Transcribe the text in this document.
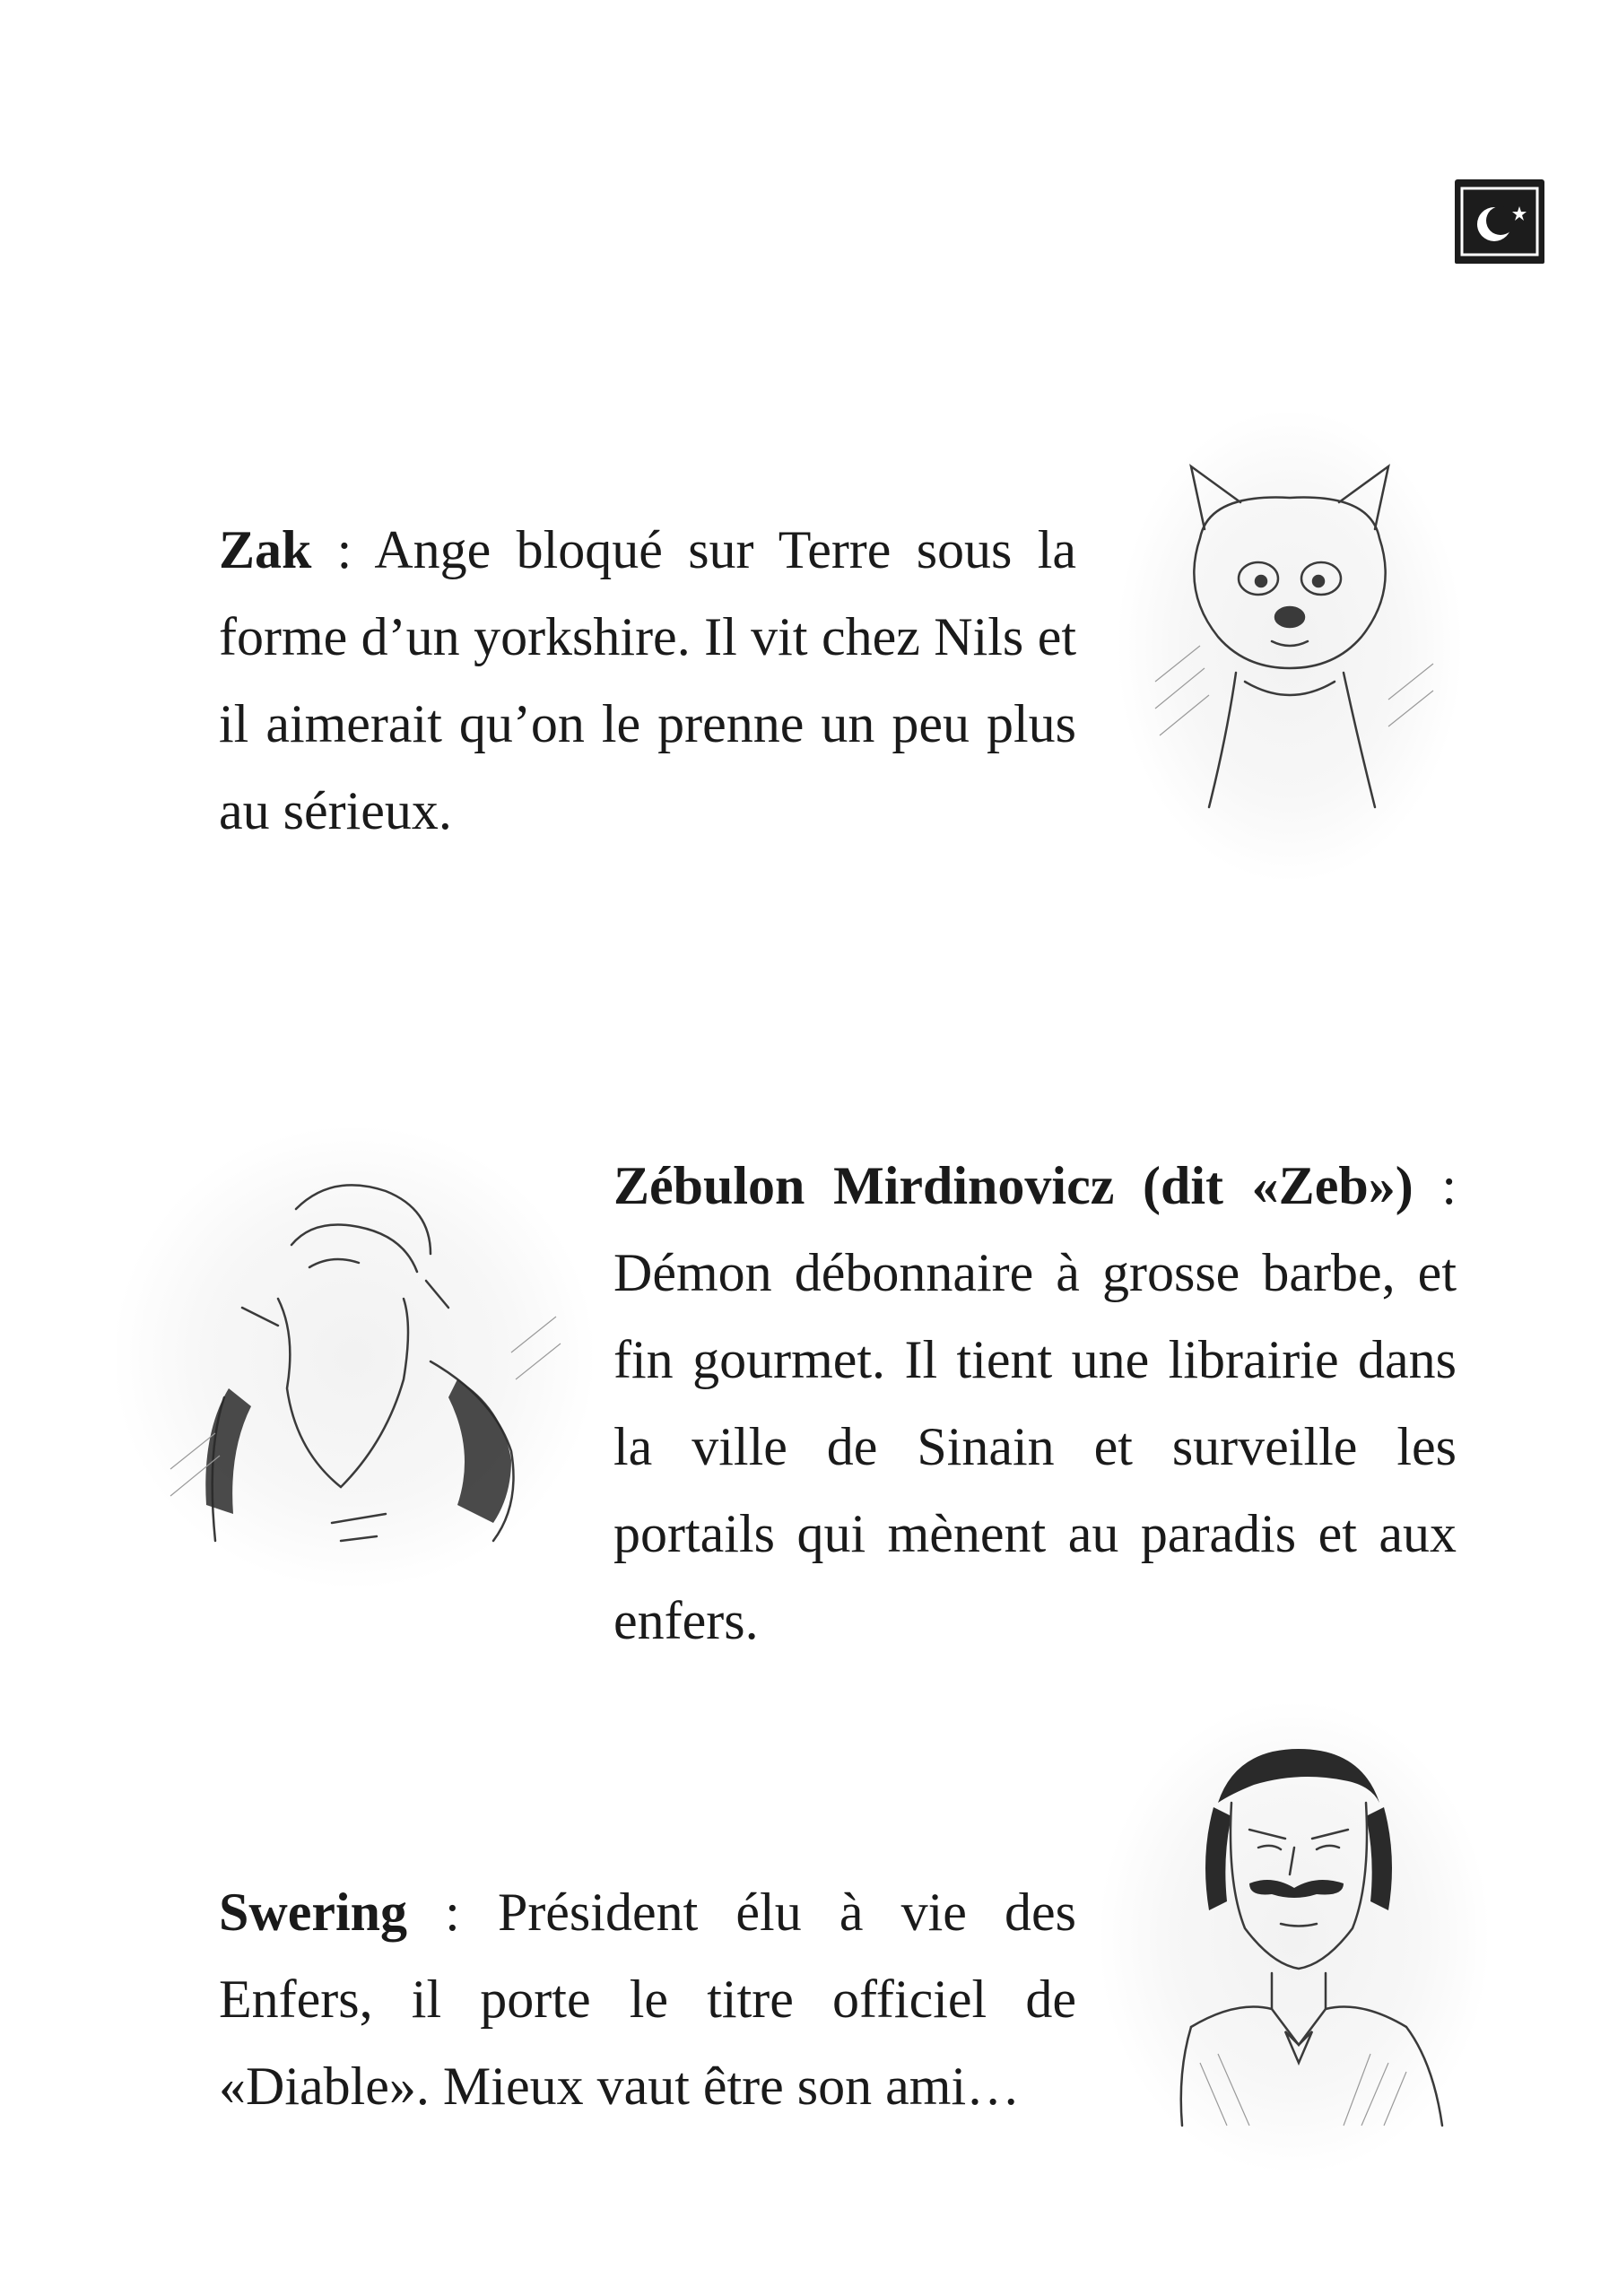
Zak : Ange bloqué sur Terre sous la forme d’un yorkshire. Il vit chez Nils et il aimerait qu’on le prenne un peu plus au sérieux.

Zébulon Mirdinovicz (dit «Zeb») : Démon débonnaire à grosse barbe, et fin gourmet. Il tient une librairie dans la ville de Sinain et surveille les portails qui mènent au paradis et aux enfers.

Swering : Président élu à vie des Enfers, il porte le titre officiel de «Diable». Mieux vaut être son ami…
